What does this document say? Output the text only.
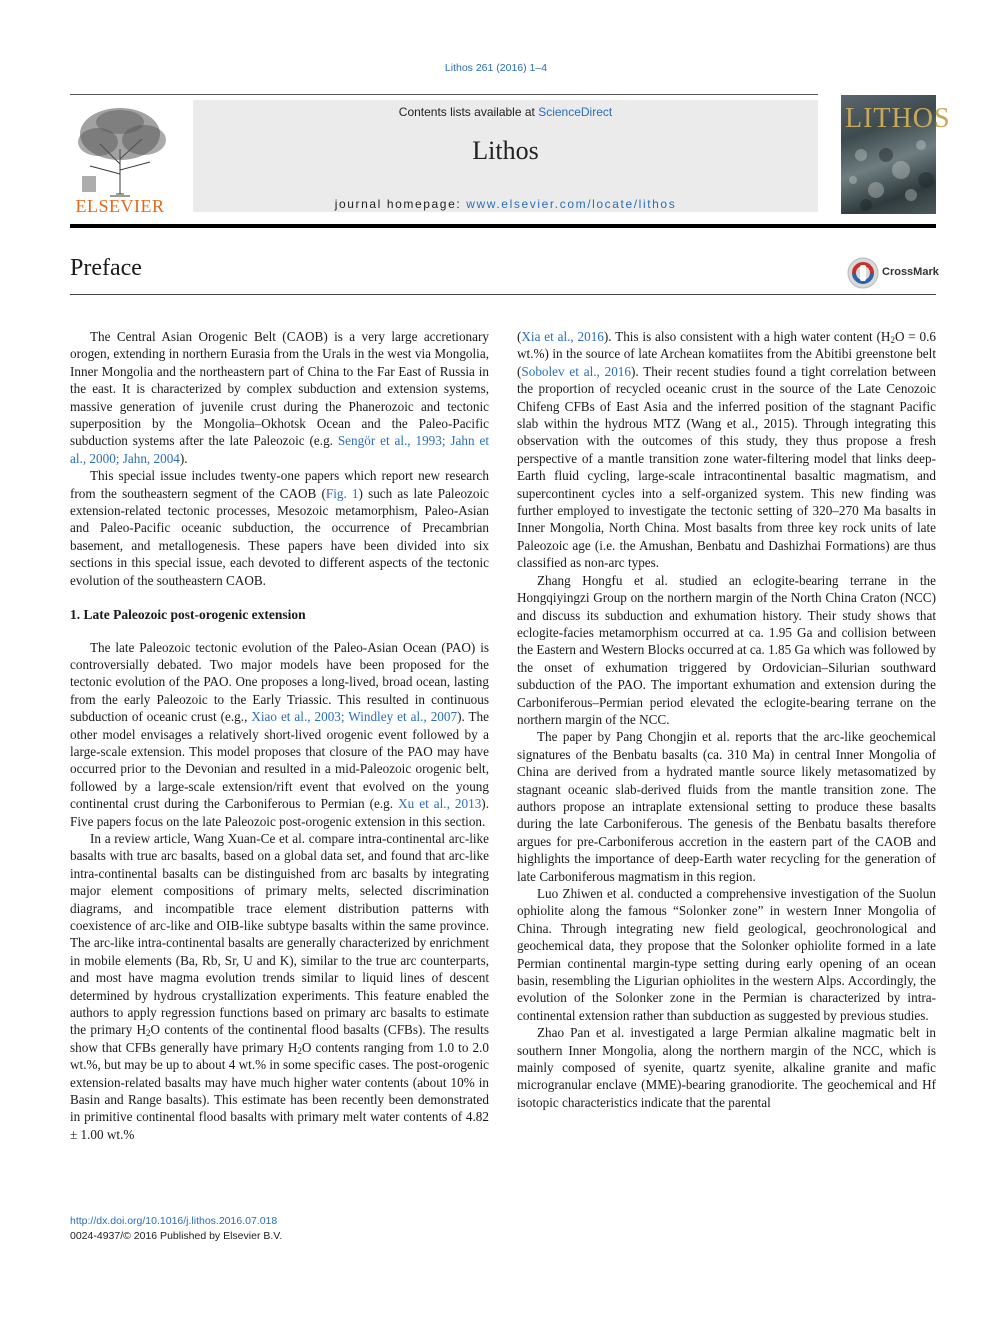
Lithos 261 (2016) 1–4
ELSEVIER
Contents lists available at ScienceDirect
Lithos
journal homepage: www.elsevier.com/locate/lithos
LITHOS
Preface	CrossMark

The Central Asian Orogenic Belt (CAOB) is a very large accretionary orogen, extending in northern Eurasia from the Urals in the west via Mongolia, Inner Mongolia and the northeastern part of China to the Far East of Russia in the east. It is characterized by complex subduction and extension systems, massive generation of juvenile crust during the Phanerozoic and tectonic superposition by the Mongolia–Okhotsk Ocean and the Paleo-Pacific subduction systems after the late Paleozoic (e.g. Sengör et al., 1993; Jahn et al., 2000; Jahn, 2004).

This special issue includes twenty-one papers which report new research from the southeastern segment of the CAOB (Fig. 1) such as late Paleozoic extension-related tectonic processes, Mesozoic metamorphism, Paleo-Asian and Paleo-Pacific oceanic subduction, the occurrence of Precambrian basement, and metallogenesis. These papers have been divided into six sections in this special issue, each devoted to different aspects of the tectonic evolution of the southeastern CAOB.

1. Late Paleozoic post-orogenic extension

The late Paleozoic tectonic evolution of the Paleo-Asian Ocean (PAO) is controversially debated. Two major models have been proposed for the tectonic evolution of the PAO. One proposes a long-lived, broad ocean, lasting from the early Paleozoic to the Early Triassic. This resulted in continuous subduction of oceanic crust (e.g., Xiao et al., 2003; Windley et al., 2007). The other model envisages a relatively short-lived orogenic event followed by a large-scale extension. This model proposes that closure of the PAO may have occurred prior to the Devonian and resulted in a mid-Paleozoic orogenic belt, followed by a large-scale extension/rift event that evolved on the young continental crust during the Carboniferous to Permian (e.g. Xu et al., 2013). Five papers focus on the late Paleozoic post-orogenic extension in this section.

In a review article, Wang Xuan-Ce et al. compare intra-continental arc-like basalts with true arc basalts, based on a global data set, and found that arc-like intra-continental basalts can be distinguished from arc basalts by integrating major element compositions of primary melts, selected discrimination diagrams, and incompatible trace element distribution patterns with coexistence of arc-like and OIB-like subtype basalts within the same province. The arc-like intra-continental basalts are generally characterized by enrichment in mobile elements (Ba, Rb, Sr, U and K), similar to the true arc counterparts, and most have magma evolution trends similar to liquid lines of descent determined by hydrous crystallization experiments. This feature enabled the authors to apply regression functions based on primary arc basalts to estimate the primary $H_2O$ contents of the continental flood basalts (CFBs). The results show that CFBs generally have primary $H_2O$ contents ranging from 1.0 to 2.0 wt.%, but may be up to about 4 wt.% in some specific cases. The post-orogenic extension-related basalts may have much higher water contents (about 10% in Basin and Range basalts). This estimate has been recently been demonstrated in primitive continental flood basalts with primary melt water contents of 4.82 ± 1.00 wt.%

(Xia et al., 2016). This is also consistent with a high water content ($H_2O = 0.6$ wt.%) in the source of late Archean komatiites from the Abitibi greenstone belt (Sobolev et al., 2016). Their recent studies found a tight correlation between the proportion of recycled oceanic crust in the source of the Late Cenozoic Chifeng CFBs of East Asia and the inferred position of the stagnant Pacific slab within the hydrous MTZ (Wang et al., 2015). Through integrating this observation with the outcomes of this study, they thus propose a fresh perspective of a mantle transition zone water-filtering model that links deep-Earth fluid cycling, large-scale intracontinental basaltic magmatism, and supercontinent cycles into a self-organized system. This new finding was further employed to investigate the tectonic setting of 320–270 Ma basalts in Inner Mongolia, North China. Most basalts from three key rock units of late Paleozoic age (i.e. the Amushan, Benbatu and Dashizhai Formations) are thus classified as non-arc types.

Zhang Hongfu et al. studied an eclogite-bearing terrane in the Hongqiyingzi Group on the northern margin of the North China Craton (NCC) and discuss its subduction and exhumation history. Their study shows that eclogite-facies metamorphism occurred at ca. 1.95 Ga and collision between the Eastern and Western Blocks occurred at ca. 1.85 Ga which was followed by the onset of exhumation triggered by Ordovician–Silurian southward subduction of the PAO. The important exhumation and extension during the Carboniferous–Permian period elevated the eclogite-bearing terrane on the northern margin of the NCC.

The paper by Pang Chongjin et al. reports that the arc-like geochemical signatures of the Benbatu basalts (ca. 310 Ma) in central Inner Mongolia of China are derived from a hydrated mantle source likely metasomatized by stagnant oceanic slab-derived fluids from the mantle transition zone. The authors propose an intraplate extensional setting to produce these basalts during the late Carboniferous. The genesis of the Benbatu basalts therefore argues for pre-Carboniferous accretion in the eastern part of the CAOB and highlights the importance of deep-Earth water recycling for the generation of late Carboniferous magmatism in this region.

Luo Zhiwen et al. conducted a comprehensive investigation of the Suolun ophiolite along the famous “Solonker zone” in western Inner Mongolia of China. Through integrating new field geological, geochronological and geochemical data, they propose that the Solonker ophiolite formed in a late Permian continental margin-type setting during early opening of an ocean basin, resembling the Ligurian ophiolites in the western Alps. Accordingly, the evolution of the Solonker zone in the Permian is characterized by intra-continental extension rather than subduction as suggested by previous studies.

Zhao Pan et al. investigated a large Permian alkaline magmatic belt in southern Inner Mongolia, along the northern margin of the NCC, which is mainly composed of syenite, quartz syenite, alkaline granite and mafic microgranular enclave (MME)-bearing granodiorite. The geochemical and Hf isotopic characteristics indicate that the parental

http://dx.doi.org/10.1016/j.lithos.2016.07.018
0024-4937/© 2016 Published by Elsevier B.V.
